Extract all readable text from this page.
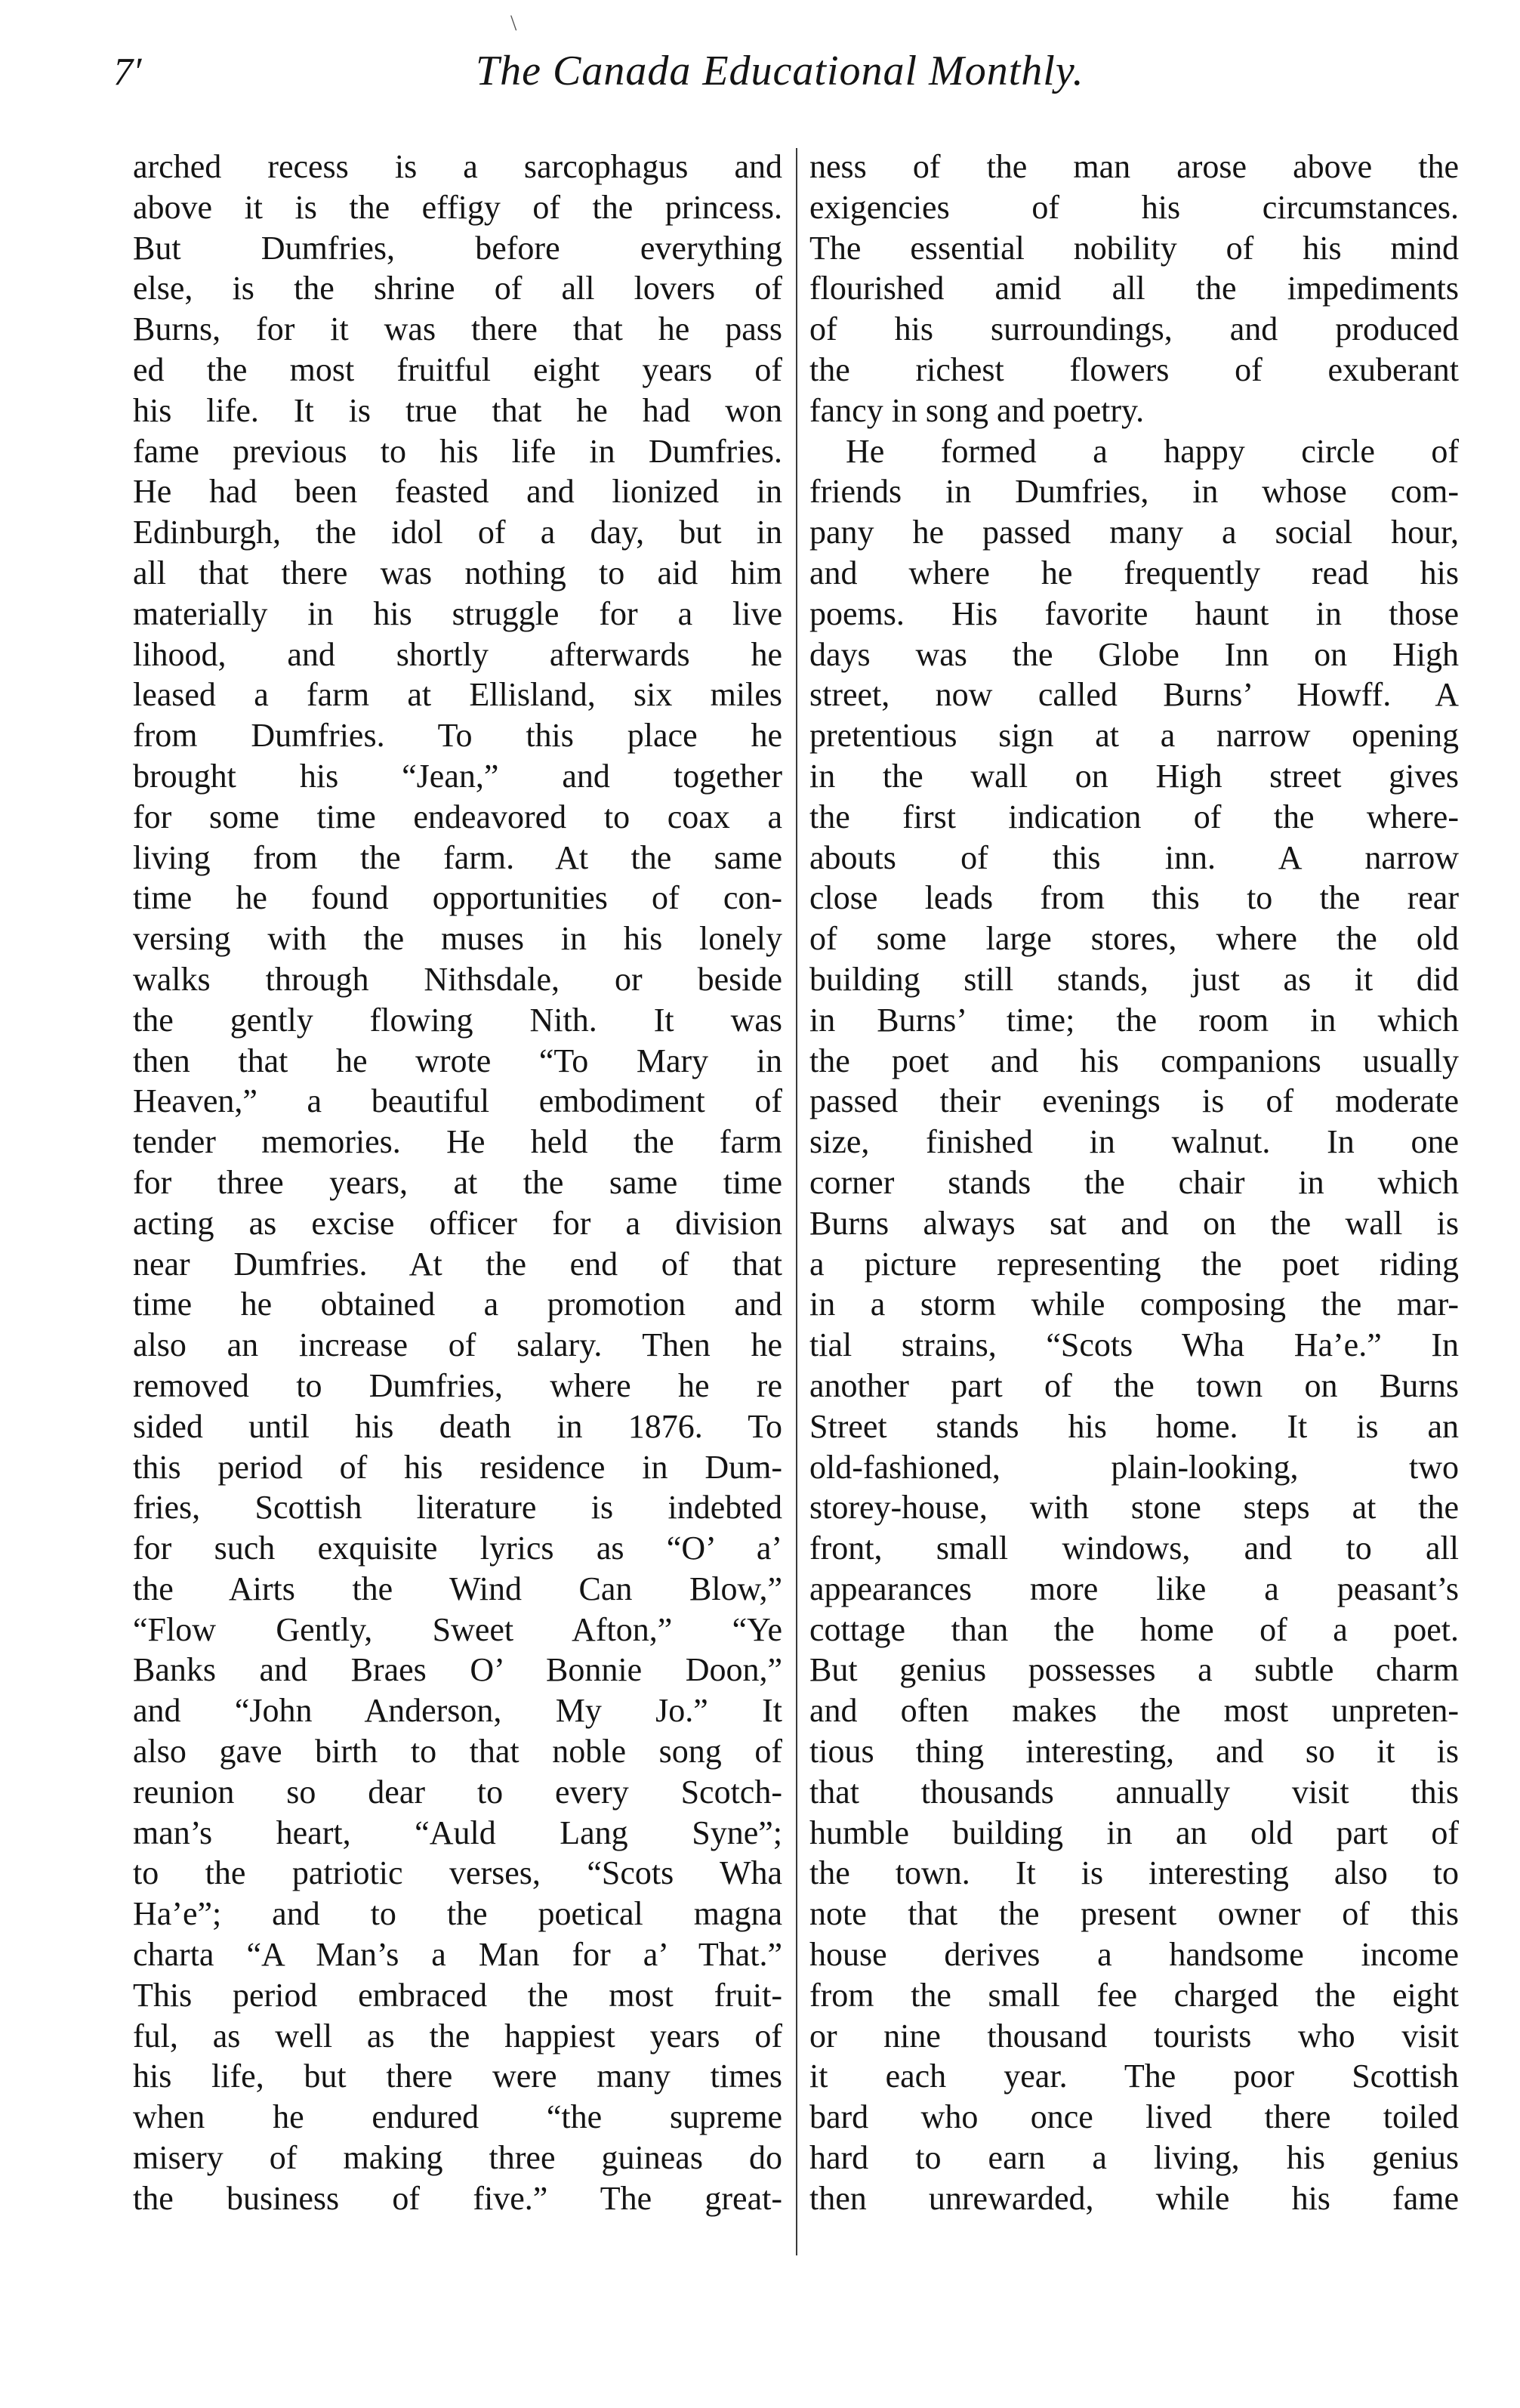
7′	The Canada Educational Monthly.
arched recess is a sarcophagus and
above it is the effigy of the princess.
But Dumfries, before everything
else, is the shrine of all lovers of
Burns, for it was there that he pass
ed the most fruitful eight years of
his life. It is true that he had won
fame previous to his life in Dumfries.
He had been feasted and lionized in
Edinburgh, the idol of a day, but in
all that there was nothing to aid him
materially in his struggle for a live
lihood, and shortly afterwards he
leased a farm at Ellisland, six miles
from Dumfries. To this place he
brought his “Jean,” and together
for some time endeavored to coax a
living from the farm. At the same
time he found opportunities of con-
versing with the muses in his lonely
walks through Nithsdale, or beside
the gently flowing Nith. It was
then that he wrote “To Mary in
Heaven,” a beautiful embodiment of
tender memories. He held the farm
for three years, at the same time
acting as excise officer for a division
near Dumfries. At the end of that
time he obtained a promotion and
also an increase of salary. Then he
removed to Dumfries, where he re
sided until his death in 1876. To
this period of his residence in Dum-
fries, Scottish literature is indebted
for such exquisite lyrics as “O’ a’
the Airts the Wind Can Blow,”
“Flow Gently, Sweet Afton,” “Ye
Banks and Braes O’ Bonnie Doon,”
and “John Anderson, My Jo.” It
also gave birth to that noble song of
reunion so dear to every Scotch-
man’s heart, “Auld Lang Syne”;
to the patriotic verses, “Scots Wha
Ha’e”; and to the poetical magna
charta “A Man’s a Man for a’ That.”
This period embraced the most fruit-
ful, as well as the happiest years of
his life, but there were many times
when he endured “the supreme
misery of making three guineas do
the business of five.” The great-
ness of the man arose above the
exigencies of his circumstances.
The essential nobility of his mind
flourished amid all the impediments
of his surroundings, and produced
the richest flowers of exuberant
fancy in song and poetry.
He formed a happy circle of
friends in Dumfries, in whose com-
pany he passed many a social hour,
and where he frequently read his
poems. His favorite haunt in those
days was the Globe Inn on High
street, now called Burns’ Howff. A
pretentious sign at a narrow opening
in the wall on High street gives
the first indication of the where-
abouts of this inn. A narrow
close leads from this to the rear
of some large stores, where the old
building still stands, just as it did
in Burns’ time; the room in which
the poet and his companions usually
passed their evenings is of moderate
size, finished in walnut. In one
corner stands the chair in which
Burns always sat and on the wall is
a picture representing the poet riding
in a storm while composing the mar-
tial strains, “Scots Wha Ha’e.” In
another part of the town on Burns
Street stands his home. It is an
old-fashioned, plain-looking, two
storey-house, with stone steps at the
front, small windows, and to all
appearances more like a peasant’s
cottage than the home of a poet.
But genius possesses a subtle charm
and often makes the most unpreten-
tious thing interesting, and so it is
that thousands annually visit this
humble building in an old part of
the town. It is interesting also to
note that the present owner of this
house derives a handsome income
from the small fee charged the eight
or nine thousand tourists who visit
it each year. The poor Scottish
bard who once lived there toiled
hard to earn a living, his genius
then unrewarded, while his fame
\
